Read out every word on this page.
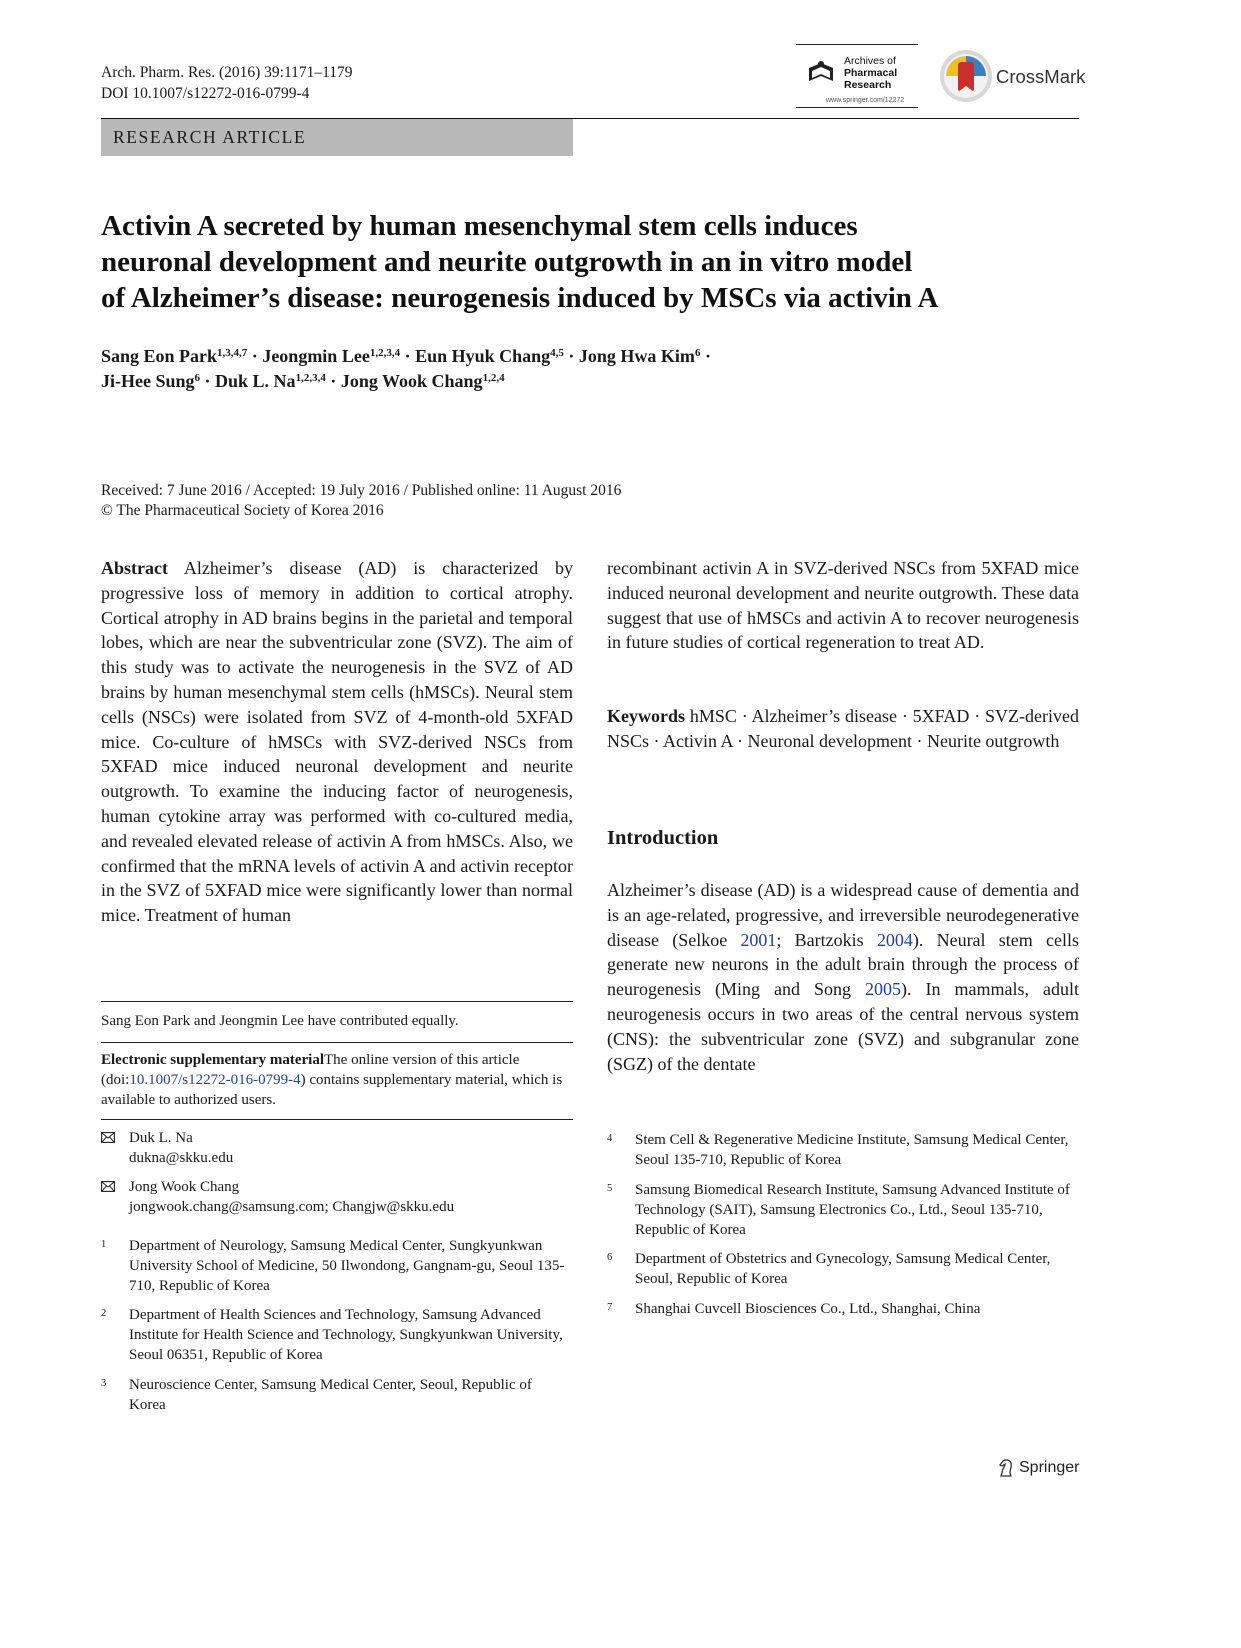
Arch. Pharm. Res. (2016) 39:1171–1179
DOI 10.1007/s12272-016-0799-4
Archives of
Pharmacal
Research
www.springer.com/12272
CrossMark
RESEARCH ARTICLE
Activin A secreted by human mesenchymal stem cells induces
neuronal development and neurite outgrowth in an in vitro model
of Alzheimer’s disease: neurogenesis induced by MSCs via activin A
Sang Eon Park$^{1,3,4,7}$ · Jeongmin Lee$^{1,2,3,4}$ · Eun Hyuk Chang$^{4,5}$ · Jong Hwa Kim$^6$ ·
Ji-Hee Sung$^6$ · Duk L. Na$^{1,2,3,4}$ · Jong Wook Chang$^{1,2,4}$
Received: 7 June 2016 / Accepted: 19 July 2016 / Published online: 11 August 2016
© The Pharmaceutical Society of Korea 2016
Abstract Alzheimer’s disease (AD) is characterized by progressive loss of memory in addition to cortical atrophy. Cortical atrophy in AD brains begins in the parietal and temporal lobes, which are near the subventricular zone (SVZ). The aim of this study was to activate the neurogenesis in the SVZ of AD brains by human mesenchymal stem cells (hMSCs). Neural stem cells (NSCs) were isolated from SVZ of 4-month-old 5XFAD mice. Co-culture of hMSCs with SVZ-derived NSCs from 5XFAD mice induced neuronal development and neurite outgrowth. To examine the inducing factor of neurogenesis, human cytokine array was performed with co-cultured media, and revealed elevated release of activin A from hMSCs. Also, we confirmed that the mRNA levels of activin A and activin receptor in the SVZ of 5XFAD mice were significantly lower than normal mice. Treatment of human
recombinant activin A in SVZ-derived NSCs from 5XFAD mice induced neuronal development and neurite outgrowth. These data suggest that use of hMSCs and activin A to recover neurogenesis in future studies of cortical regeneration to treat AD.
Keywords hMSC · Alzheimer’s disease · 5XFAD · SVZ-derived NSCs · Activin A · Neuronal development · Neurite outgrowth
Introduction
Alzheimer’s disease (AD) is a widespread cause of dementia and is an age-related, progressive, and irreversible neurodegenerative disease (Selkoe 2001; Bartzokis 2004). Neural stem cells generate new neurons in the adult brain through the process of neurogenesis (Ming and Song 2005). In mammals, adult neurogenesis occurs in two areas of the central nervous system (CNS): the subventricular zone (SVZ) and subgranular zone (SGZ) of the dentate
Sang Eon Park and Jeongmin Lee have contributed equally.
Electronic supplementary materialThe online version of this article (doi:10.1007/s12272-016-0799-4) contains supplementary material, which is available to authorized users.
Duk L. Na
dukna@skku.edu
Jong Wook Chang
jongwook.chang@samsung.com; Changjw@skku.edu
1 Department of Neurology, Samsung Medical Center, Sungkyunkwan University School of Medicine, 50 Ilwondong, Gangnam-gu, Seoul 135-710, Republic of Korea
2 Department of Health Sciences and Technology, Samsung Advanced Institute for Health Science and Technology, Sungkyunkwan University, Seoul 06351, Republic of Korea
3 Neuroscience Center, Samsung Medical Center, Seoul, Republic of Korea
4 Stem Cell & Regenerative Medicine Institute, Samsung Medical Center, Seoul 135-710, Republic of Korea
5 Samsung Biomedical Research Institute, Samsung Advanced Institute of Technology (SAIT), Samsung Electronics Co., Ltd., Seoul 135-710, Republic of Korea
6 Department of Obstetrics and Gynecology, Samsung Medical Center, Seoul, Republic of Korea
7 Shanghai Cuvcell Biosciences Co., Ltd., Shanghai, China
Springer
